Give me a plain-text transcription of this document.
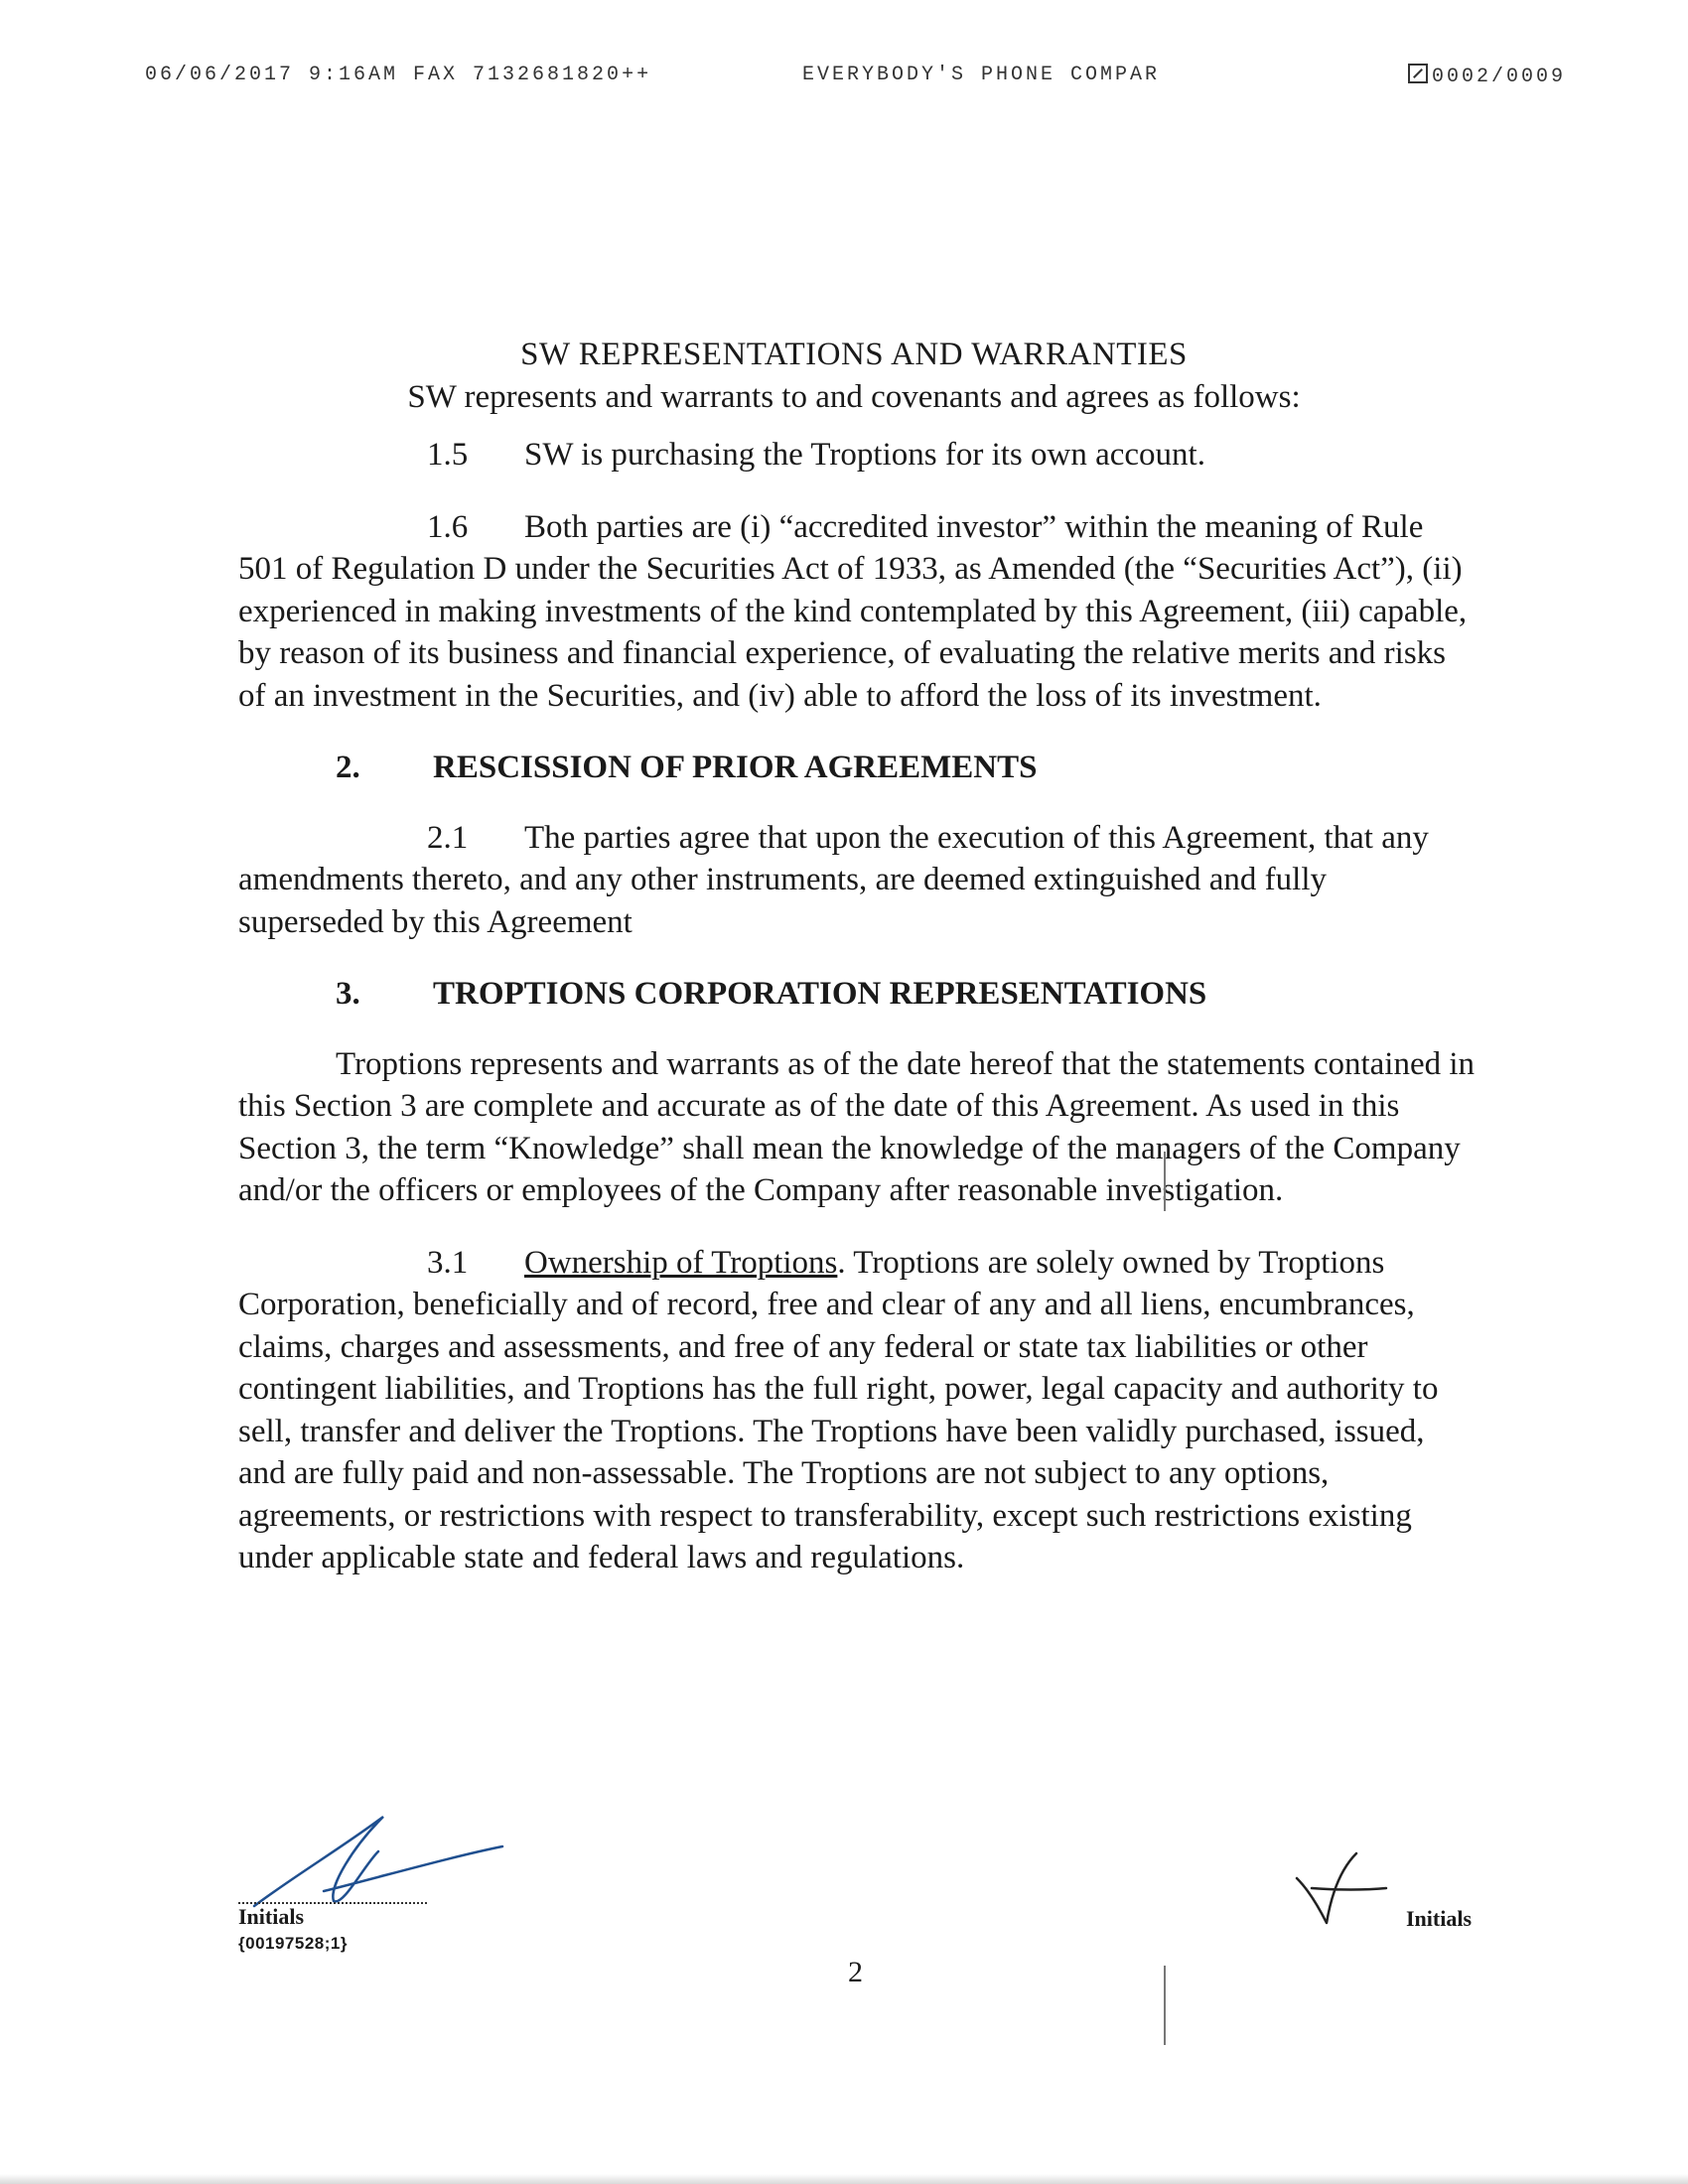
06/06/2017 9:16AM FAX 7132681820++	EVERYBODY'S PHONE COMPAR	0002/0009
SW REPRESENTATIONS AND WARRANTIES
SW represents and warrants to and covenants and agrees as follows:

1.5 SW is purchasing the Troptions for its own account.

1.6 Both parties are (i) “accredited investor” within the meaning of Rule 501 of Regulation D under the Securities Act of 1933, as Amended (the “Securities Act”), (ii) experienced in making investments of the kind contemplated by this Agreement, (iii) capable, by reason of its business and financial experience, of evaluating the relative merits and risks of an investment in the Securities, and (iv) able to afford the loss of its investment.

2. RESCISSION OF PRIOR AGREEMENTS

2.1 The parties agree that upon the execution of this Agreement, that any amendments thereto, and any other instruments, are deemed extinguished and fully superseded by this Agreement

3. TROPTIONS CORPORATION REPRESENTATIONS

Troptions represents and warrants as of the date hereof that the statements contained in this Section 3 are complete and accurate as of the date of this Agreement. As used in this Section 3, the term “Knowledge” shall mean the knowledge of the managers of the Company and/or the officers or employees of the Company after reasonable investigation.

3.1 Ownership of Troptions. Troptions are solely owned by Troptions Corporation, beneficially and of record, free and clear of any and all liens, encumbrances, claims, charges and assessments, and free of any federal or state tax liabilities or other contingent liabilities, and Troptions has the full right, power, legal capacity and authority to sell, transfer and deliver the Troptions. The Troptions have been validly purchased, issued, and are fully paid and non-assessable. The Troptions are not subject to any options, agreements, or restrictions with respect to transferability, except such restrictions existing under applicable state and federal laws and regulations.

Initials
{00197528;1}
Initials
2
